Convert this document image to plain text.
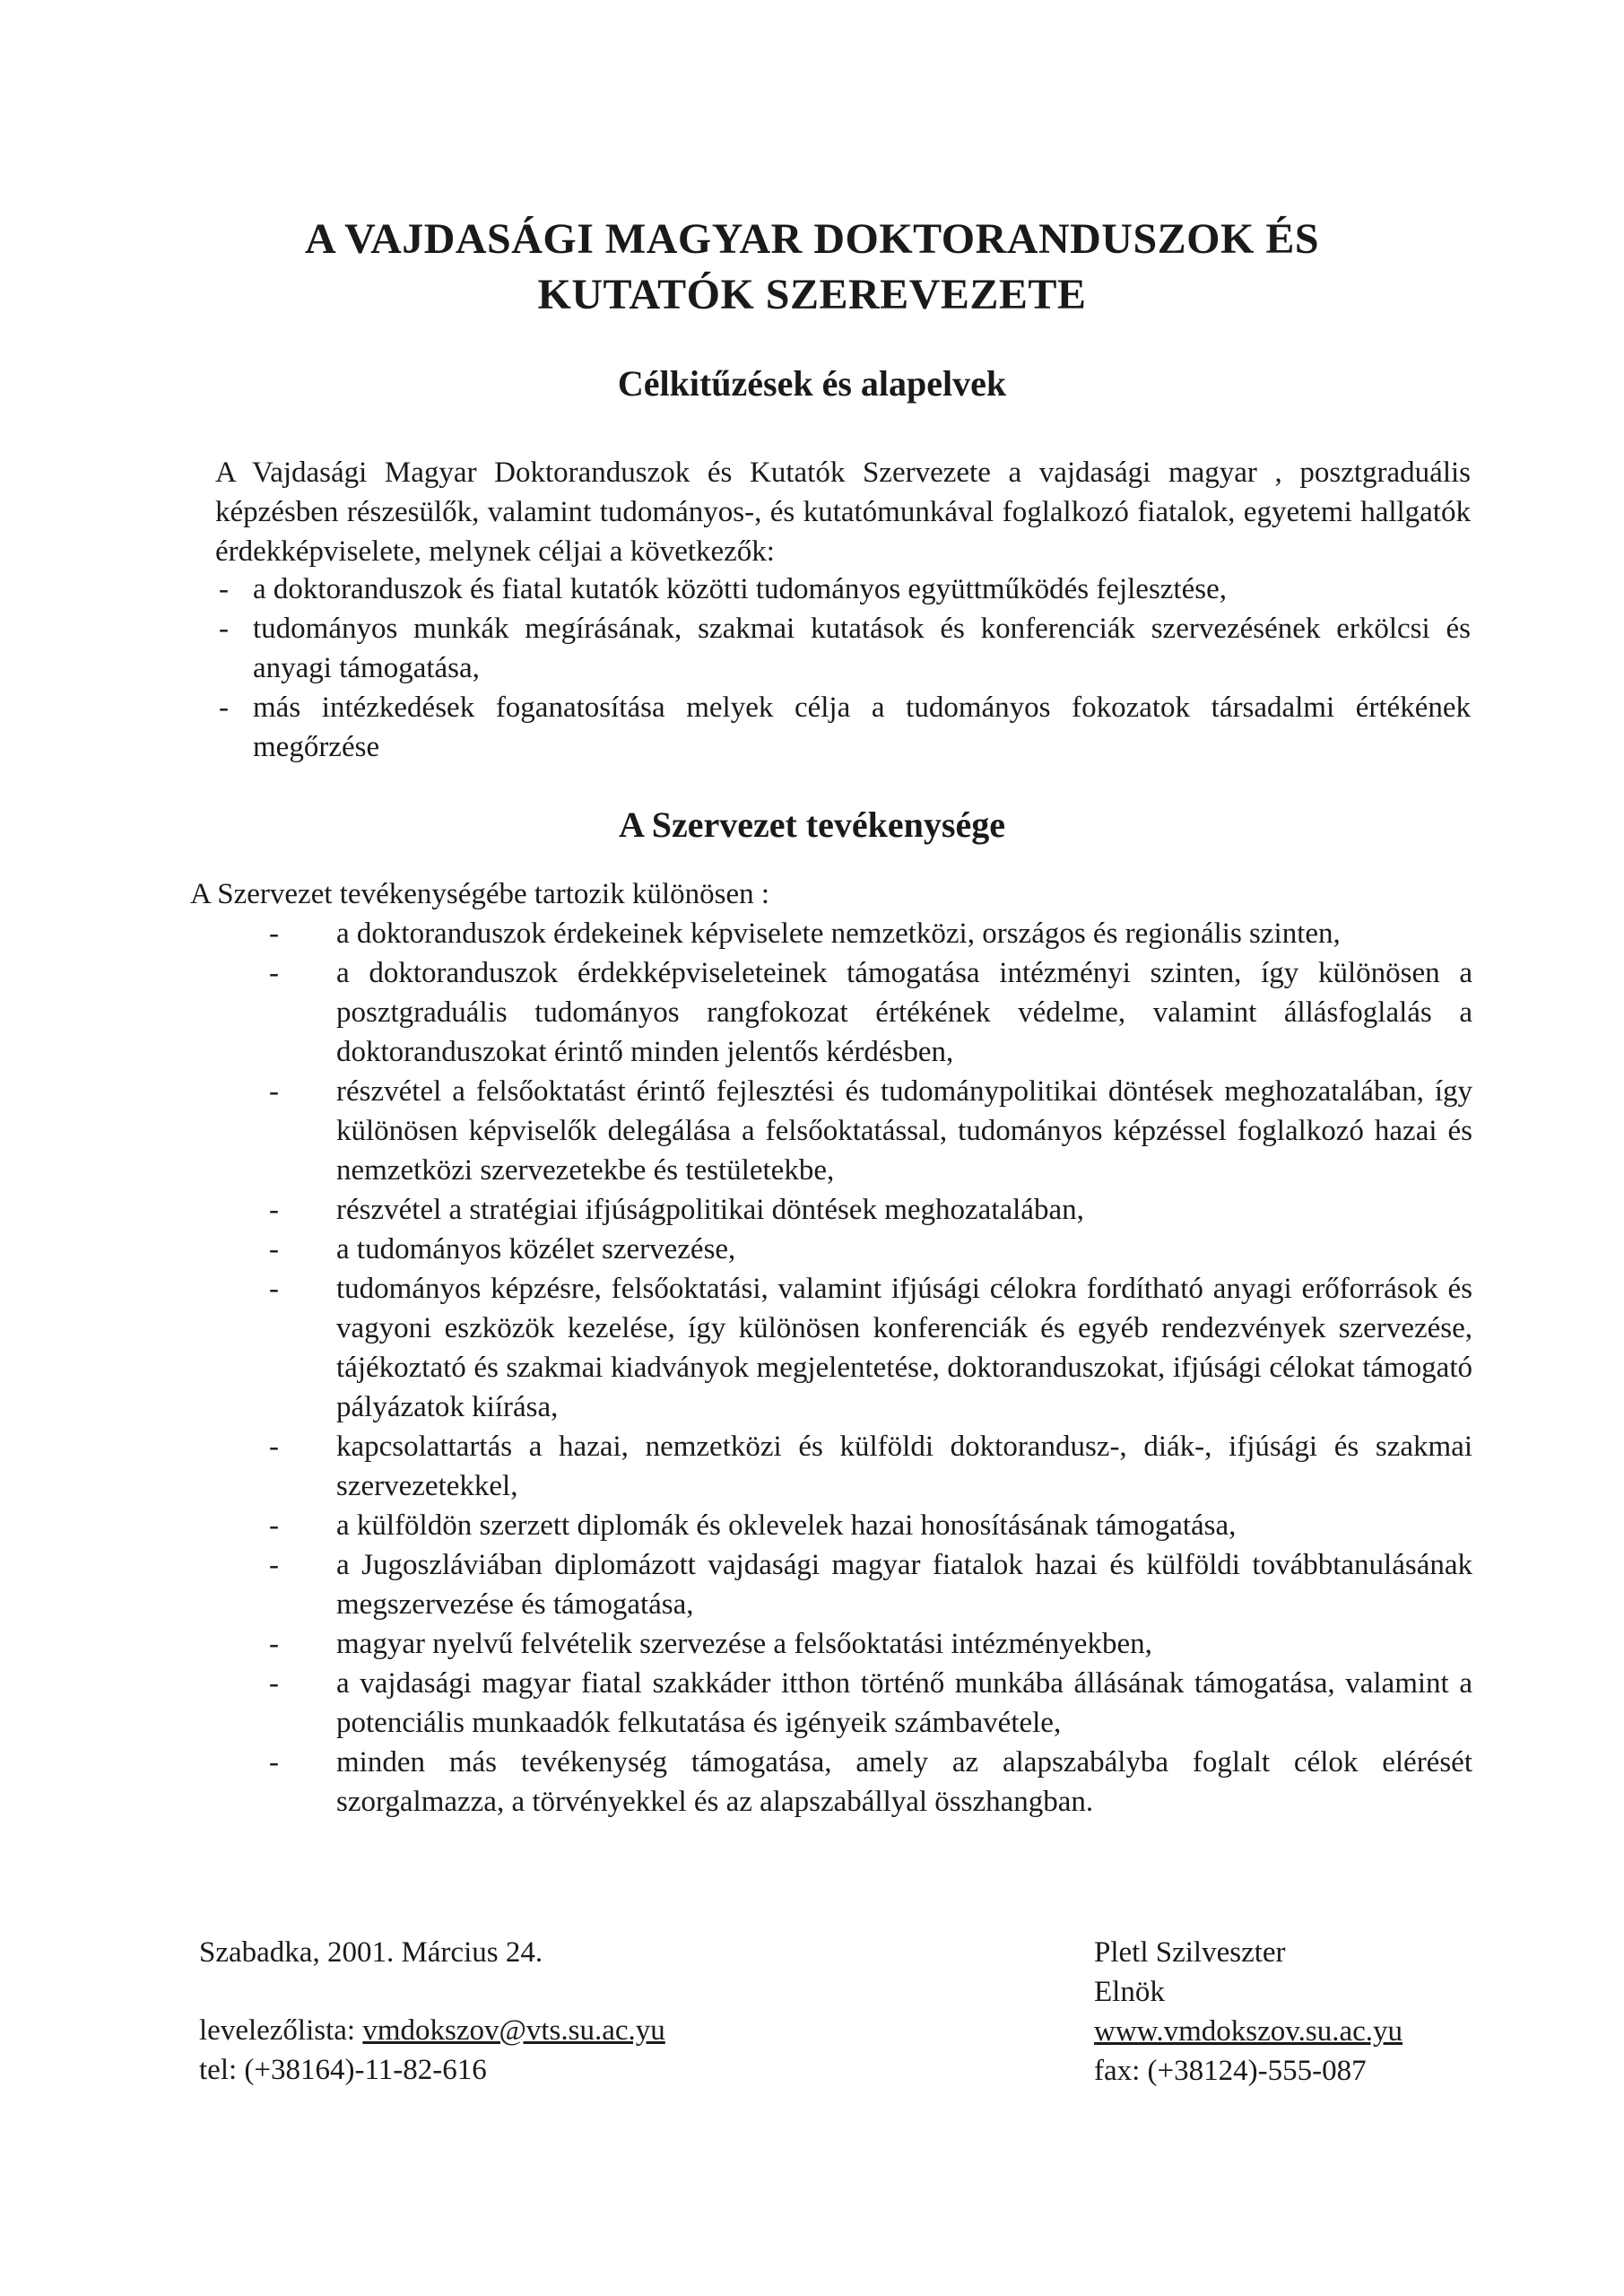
A VAJDASÁGI MAGYAR DOKTORANDUSZOK ÉS
KUTATÓK SZEREVEZETE
Célkitűzések és alapelvek

A Vajdasági Magyar Doktoranduszok és Kutatók Szervezete a vajdasági magyar , posztgraduális képzésben részesülők, valamint tudományos-, és kutatómunkával foglalkozó fiatalok, egyetemi hallgatók érdekképviselete, melynek céljai a következők:

- a doktoranduszok és fiatal kutatók közötti tudományos együttműködés fejlesztése,
- tudományos munkák megírásának, szakmai kutatások és konferenciák szervezésének erkölcsi és anyagi támogatása,
- más intézkedések foganatosítása melyek célja a tudományos fokozatok társadalmi értékének megőrzése
A Szervezet tevékenysége
A Szervezet tevékenységébe tartozik különösen :
- a doktoranduszok érdekeinek képviselete nemzetközi, országos és regionális szinten,
- a doktoranduszok érdekképviseleteinek támogatása intézményi szinten, így különösen a posztgraduális tudományos rangfokozat értékének védelme, valamint állásfoglalás a doktoranduszokat érintő minden jelentős kérdésben,
- részvétel a felsőoktatást érintő fejlesztési és tudománypolitikai döntések meghozatalában, így különösen képviselők delegálása a felsőoktatással, tudományos képzéssel foglalkozó hazai és nemzetközi szervezetekbe és testületekbe,
- részvétel a stratégiai ifjúságpolitikai döntések meghozatalában,
- a tudományos közélet szervezése,
- tudományos képzésre, felsőoktatási, valamint ifjúsági célokra fordítható anyagi erőforrások és vagyoni eszközök kezelése, így különösen konferenciák és egyéb rendezvények szervezése, tájékoztató és szakmai kiadványok megjelentetése, doktoranduszokat, ifjúsági célokat támogató pályázatok kiírása,
- kapcsolattartás a hazai, nemzetközi és külföldi doktorandusz-, diák-, ifjúsági és szakmai szervezetekkel,
- a külföldön szerzett diplomák és oklevelek hazai honosításának támogatása,
- a Jugoszláviában diplomázott vajdasági magyar fiatalok hazai és külföldi továbbtanulásának megszervezése és támogatása,
- magyar nyelvű felvételik szervezése a felsőoktatási intézményekben,
- a vajdasági magyar fiatal szakkáder itthon történő munkába állásának támogatása, valamint a potenciális munkaadók felkutatása és igényeik számbavétele,
- minden más tevékenység támogatása, amely az alapszabályba foglalt célok elérését szorgalmazza, a törvényekkel és az alapszabállyal összhangban.
Szabadka, 2001. Március 24.
levelezőlista: vmdokszov@vts.su.ac.yu
tel: (+38164)-11-82-616
Pletl Szilveszter
Elnök
www.vmdokszov.su.ac.yu
fax: (+38124)-555-087
